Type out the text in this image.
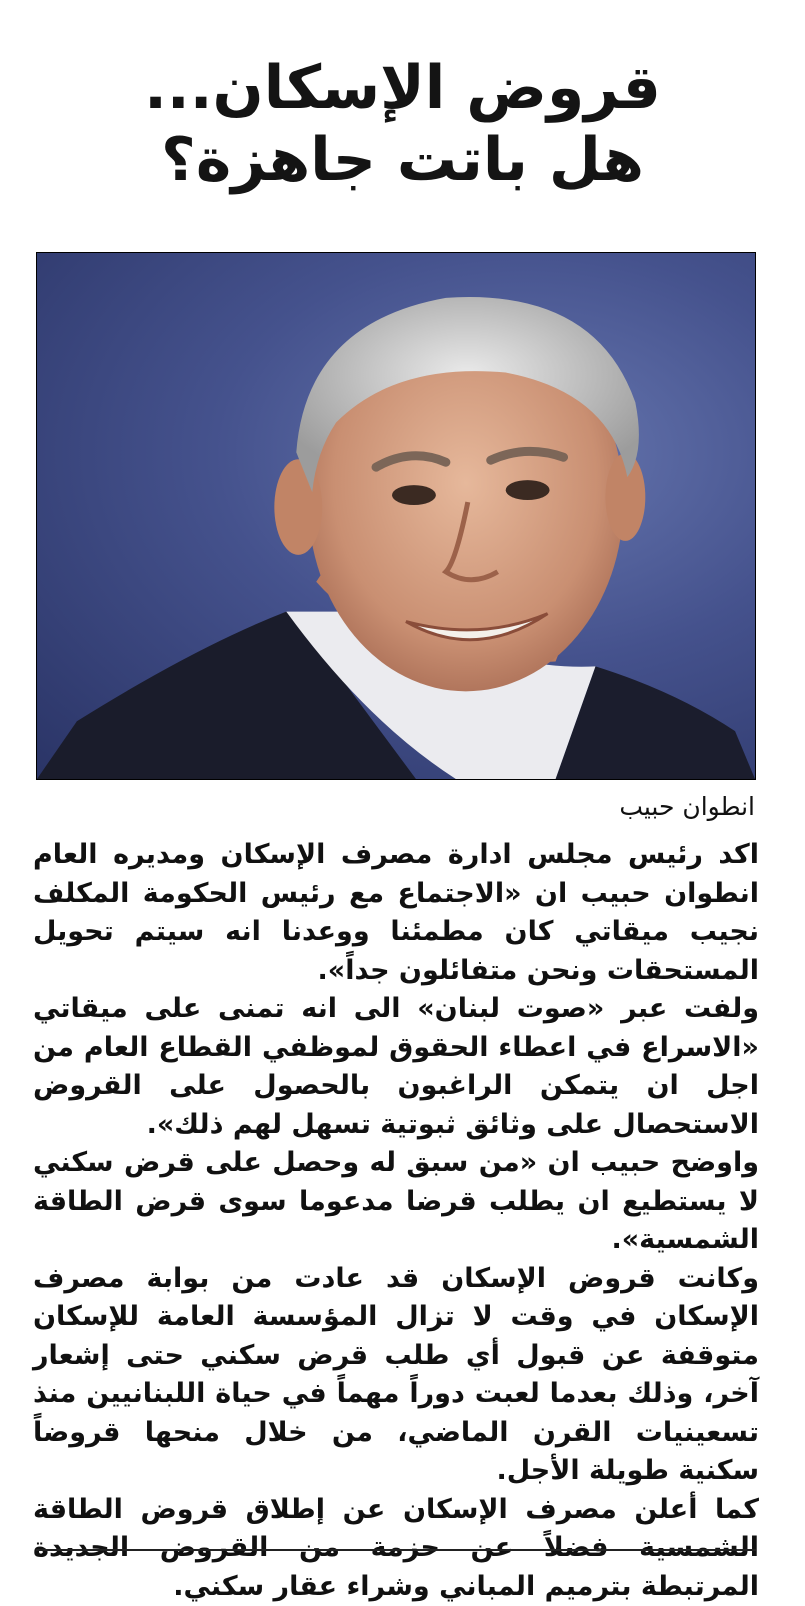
قروض الإسكان...
هل باتت جاهزة؟

انطوان حبيب

اكد رئيس مجلس ادارة مصرف الإسكان ومديره العام انطوان حبيب ان «الاجتماع مع رئيس الحكومة المكلف نجيب ميقاتي كان مطمئنا ووعدنا انه سيتم تحويل المستحقات ونحن متفائلون جداً».

ولفت عبر «صوت لبنان» الى انه تمنى على ميقاتي «الاسراع في اعطاء الحقوق لموظفي القطاع العام من اجل ان يتمكن الراغبون بالحصول على القروض الاستحصال على وثائق ثبوتية تسهل لهم ذلك».

واوضح حبيب ان «من سبق له وحصل على قرض سكني لا يستطيع ان يطلب قرضا مدعوما سوى قرض الطاقة الشمسية».

وكانت قروض الإسكان قد عادت من بوابة مصرف الإسكان في وقت لا تزال المؤسسة العامة للإسكان متوقفة عن قبول أي طلب قرض سكني حتى إشعار آخر، وذلك بعدما لعبت دوراً مهماً في حياة اللبنانيين منذ تسعينيات القرن الماضي، من خلال منحها قروضاً سكنية طويلة الأجل.

كما أعلن مصرف الإسكان عن إطلاق قروض الطاقة الشمسية فضلاً عن حزمة من القروض الجديدة المرتبطة بترميم المباني وشراء عقار سكني.
